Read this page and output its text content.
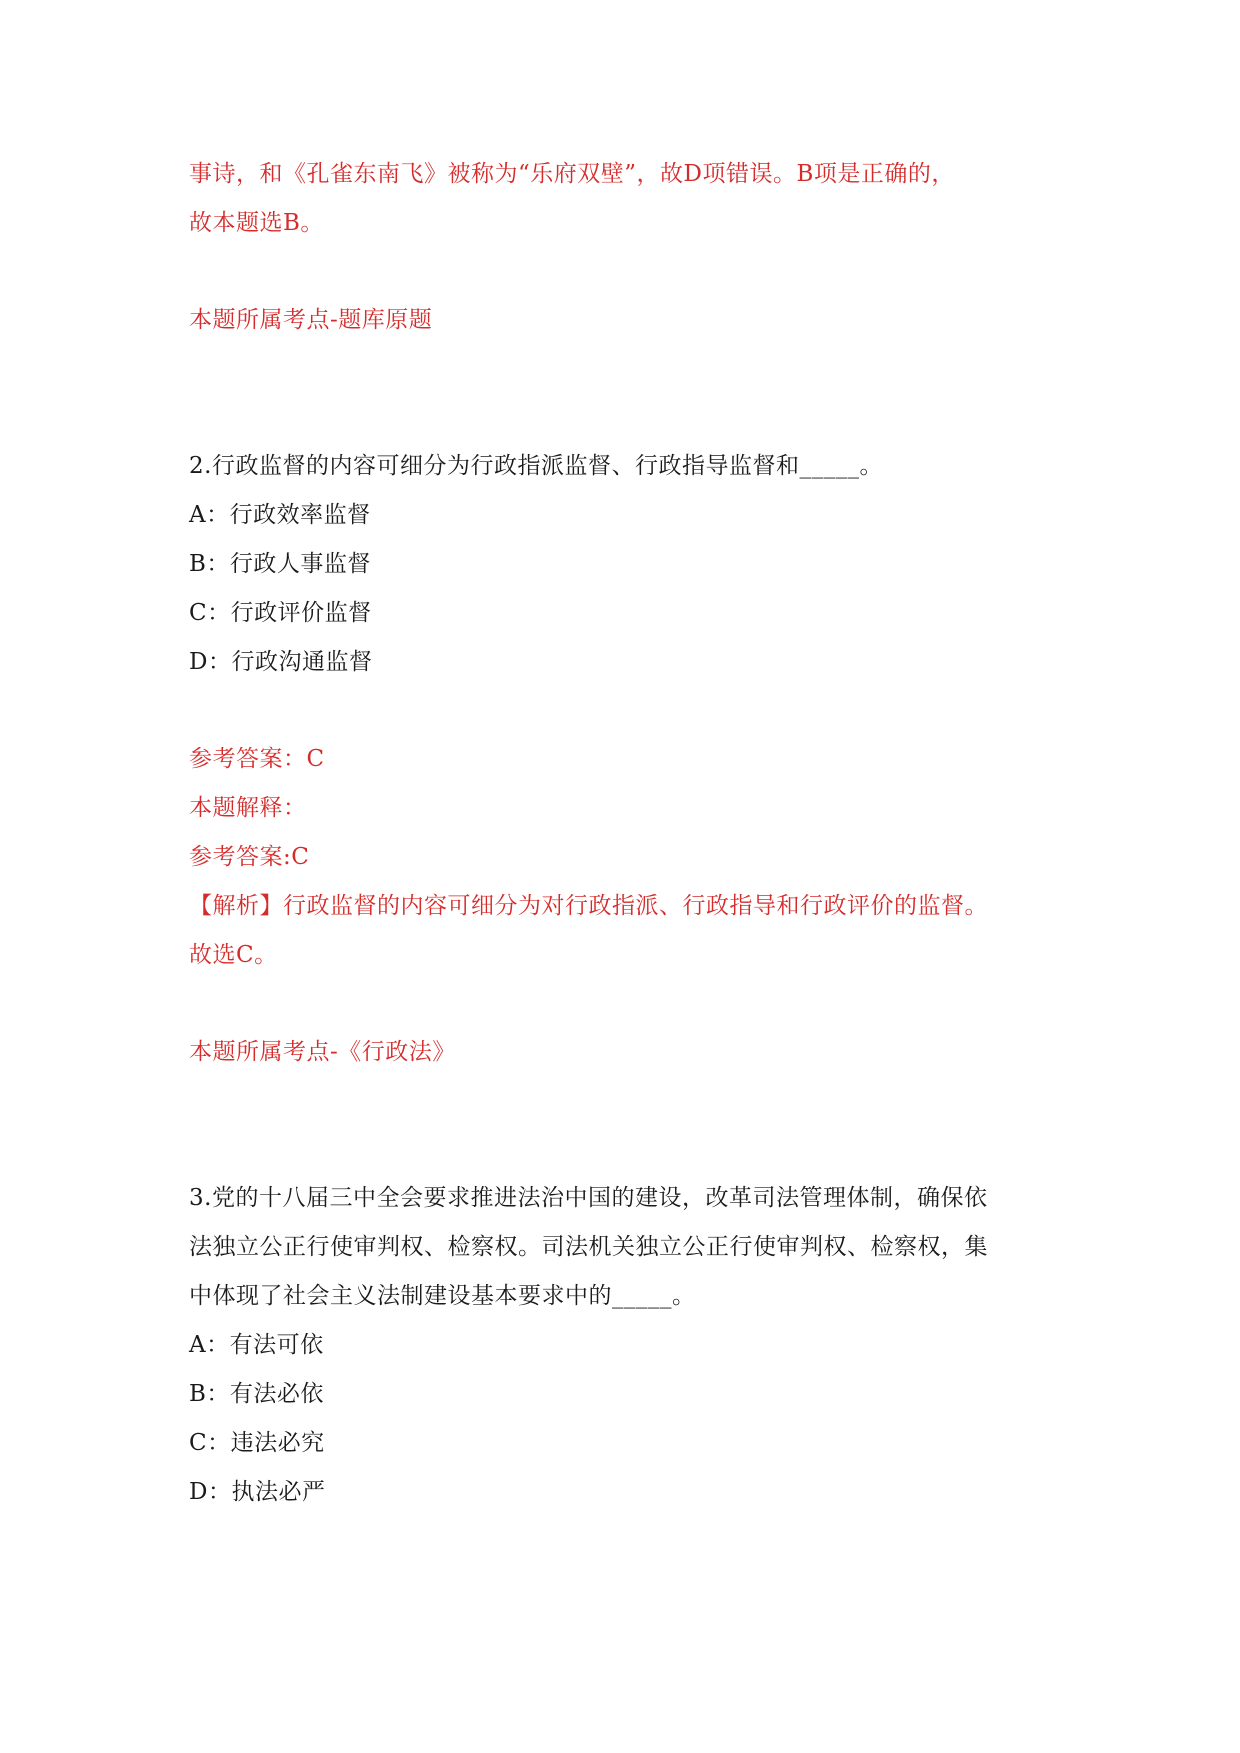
事诗，和《孔雀东南飞》被称为“乐府双壁”，故D项错误。B项是正确的，
故本题选B。
本题所属考点-题库原题
2.行政监督的内容可细分为行政指派监督、行政指导监督和_____。
A：行政效率监督
B：行政人事监督
C：行政评价监督
D：行政沟通监督
参考答案：C
本题解释：
参考答案:C
【解析】行政监督的内容可细分为对行政指派、行政指导和行政评价的监督。
故选C。
本题所属考点-《行政法》
3.党的十八届三中全会要求推进法治中国的建设，改革司法管理体制，确保依
法独立公正行使审判权、检察权。司法机关独立公正行使审判权、检察权，集
中体现了社会主义法制建设基本要求中的_____。
A：有法可依
B：有法必依
C：违法必究
D：执法必严
